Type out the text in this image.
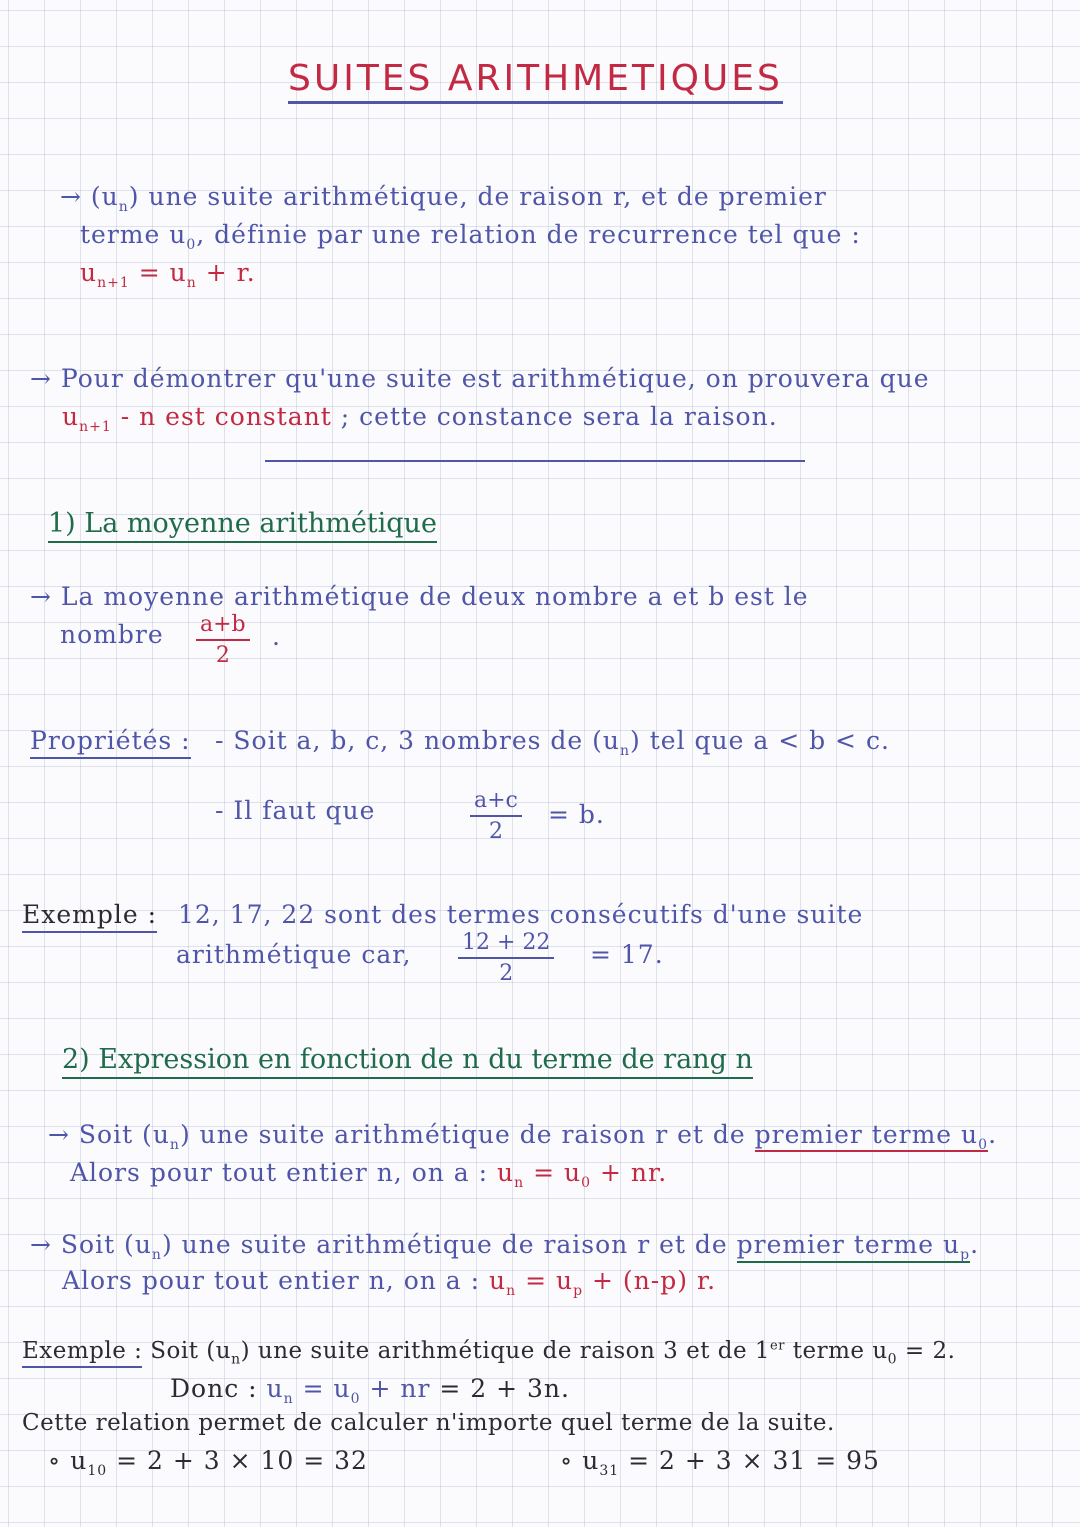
SUITES ARITHMETIQUES
→ $(u_n)$ une suite arithmétique, de raison r, et de premier
terme $u_0$, définie par une relation de recurrence tel que :
$u_{n+1} = u_n + r$.
→ Pour démontrer qu'une suite est arithmétique, on prouvera que
$u_{n+1}$ - n est constant ; cette constance sera la raison.
1) La moyenne arithmétique
→ La moyenne arithmétique de deux nombre a et b est le
nombre $\frac{a+b}{2}$ .
Propriétés : - Soit a, b, c, 3 nombres de $(u_n)$ tel que a < b < c.
- Il faut que	$\frac{a+c}{2} = b$.
Exemple : 12, 17, 22 sont des termes consécutifs d'une suite
arithmétique car, $\frac{12 + 22}{2} = 17$.
2) Expression en fonction de n du terme de rang n
→ Soit $(u_n)$ une suite arithmétique de raison r et de premier terme $u_0$.
Alors pour tout entier n, on a : $u_n = u_0$ + nr.
→ Soit $(u_n)$ une suite arithmétique de raison r et de premier terme $u_p$.
Alors pour tout entier n, on a : $u_n = u_p + (n-p)$ r.
Exemple : Soit $(u_n)$ une suite arithmétique de raison 3 et de 1er terme $u_0 = 2$.
Donc : $u_n = u_0$ + nr = 2 + 3n.
Cette relation permet de calculer n'importe quel terme de la suite.
∘ $u_{10} = 2 + 3 \times 10 = 32$	∘ $u_{31} = 2 + 3 \times 31 = 95$
